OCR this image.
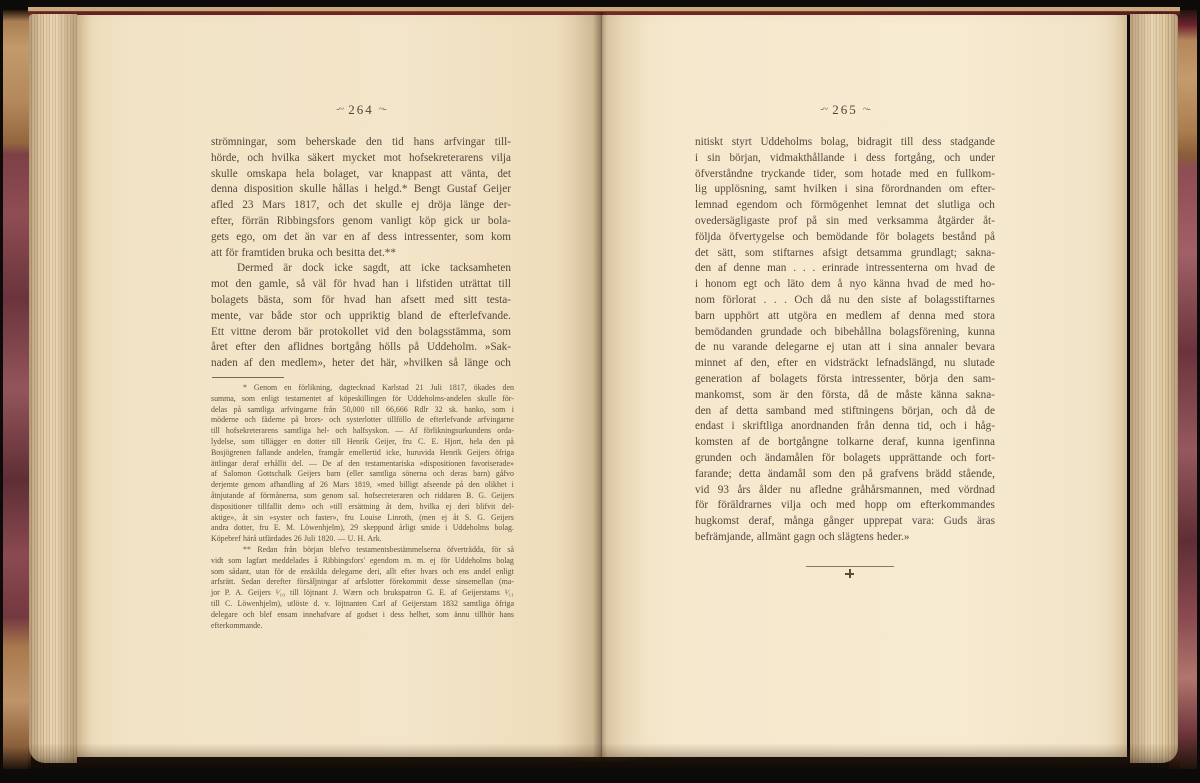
-~ 264 ~-
strömningar, som beherskade den tid hans arfvingar till-
hörde, och hvilka säkert mycket mot hofsekreterarens vilja
skulle omskapa hela bolaget, var knappast att vänta, det
denna disposition skulle hållas i helgd.* Bengt Gustaf Geijer
afled 23 Mars 1817, och det skulle ej dröja länge der-
efter, förrän Ribbingsfors genom vanligt köp gick ur bola-
gets ego, om det än var en af dess intressenter, som kom
att för framtiden bruka och besitta det.**
Dermed är dock icke sagdt, att icke tacksamheten
mot den gamle, så väl för hvad han i lifstiden uträttat till
bolagets bästa, som för hvad han afsett med sitt testa-
mente, var både stor och uppriktig bland de efterlefvande.
Ett vittne derom bär protokollet vid den bolagsstämma, som
året efter den aflidnes bortgång hölls på Uddeholm. »Sak-
naden af den medlem», heter det här, »hvilken så länge och
* Genom en förlikning, dagtecknad Karlstad 21 Juli 1817, ökades den
summa, som enligt testamentet af köpeskillingen för Uddeholms-andelen skulle för-
delas på samtliga arfvingarne från 50,000 till 66,666 Rdlr 32 sk. banko, som i
möderne och fäderne på brors- och systerlotter tillföllo de efterlefvande arfvingarne
till hofsekreterarens samtliga hel- och halfsyskon. — Af förlikningsurkundens orda-
lydelse, som tillägger en dotter till Henrik Geijer, fru C. E. Hjort, hela den på
Bosjögrenen fallande andelen, framgår emellertid icke, huruvida Henrik Geijers öfriga
ättlingar deraf erhållit del. — De af den testamentariska »dispositionen favoriserade»
af Salomon Gottschalk Geijers barn (eller samtliga sönerna och deras barn) gåfvo
derjemte genom afhandling af 26 Mars 1819, »med billigt afseende på den olikhet i
åtnjutande af förmånerna, som genom sal. hofsecreteraren och riddaren B. G. Geijers
dispositioner tillfallit dem» och »till ersättning åt dem, hvilka ej deri blifvit del-
aktige», åt sin »syster och faster», fru Louise Linroth, (men ej åt S. G. Geijers
andra dotter, fru E. M. Löwenhjelm), 29 skeppund årligt smide i Uddeholms bolag.
Köpebref härå utfärdades 26 Juli 1820. — U. H. Ark.
** Redan från början blefvo testamentsbestämmelserna öfverträdda, för så
vidt som lagfart meddelades å Ribbingsfors' egendom m. m. ej för Uddeholms bolag
som sådant, utan för de enskilda delegarne deri, allt efter hvars och ens andel enligt
arfsrätt. Sedan derefter försäljningar af arfslotter förekommit desse sinsemellan (ma-
jor P. A. Geijers ¹⁄₁₀ till löjtnant J. Wærn och brukspatron G. E. af Geijerstams ¹⁄₁₁
till C. Löwenhjelm), utlöste d. v. löjtnanten Carl af Geijerstam 1832 samtliga öfriga
delegare och blef ensam innehafvare af godset i dess helhet, som ännu tillhör hans
efterkommande.
-~ 265 ~-
nitiskt styrt Uddeholms bolag, bidragit till dess stadgande
i sin början, vidmakthållande i dess fortgång, och under
öfverståndne tryckande tider, som hotade med en fullkom-
lig upplösning, samt hvilken i sina förordnanden om efter-
lemnad egendom och förmögenhet lemnat det slutliga och
ovedersägligaste prof på sin med verksamma åtgärder åt-
följda öfvertygelse och bemödande för bolagets bestånd på
det sätt, som stiftarnes afsigt detsamma grundlagt; sakna-
den af denne man . . . erinrade intressenterna om hvad de
i honom egt och läto dem å nyo känna hvad de med ho-
nom förlorat . . . Och då nu den siste af bolagsstiftarnes
barn upphört att utgöra en medlem af denna med stora
bemödanden grundade och bibehållna bolagsförening, kunna
de nu varande delegarne ej utan att i sina annaler bevara
minnet af den, efter en vidsträckt lefnadslängd, nu slutade
generation af bolagets första intressenter, börja den sam-
mankomst, som är den första, då de måste känna sakna-
den af detta samband med stiftningens början, och då de
endast i skriftliga anordnanden från denna tid, och i håg-
komsten af de bortgångne tolkarne deraf, kunna igenfinna
grunden och ändamålen för bolagets upprättande och fort-
farande; detta ändamål som den på grafvens brädd stående,
vid 93 års ålder nu afledne gråhårsmannen, med vördnad
för föräldrarnes vilja och med hopp om efterkommandes
hugkomst deraf, många gånger upprepat vara: Guds äras
befrämjande, allmänt gagn och slägtens heder.»
